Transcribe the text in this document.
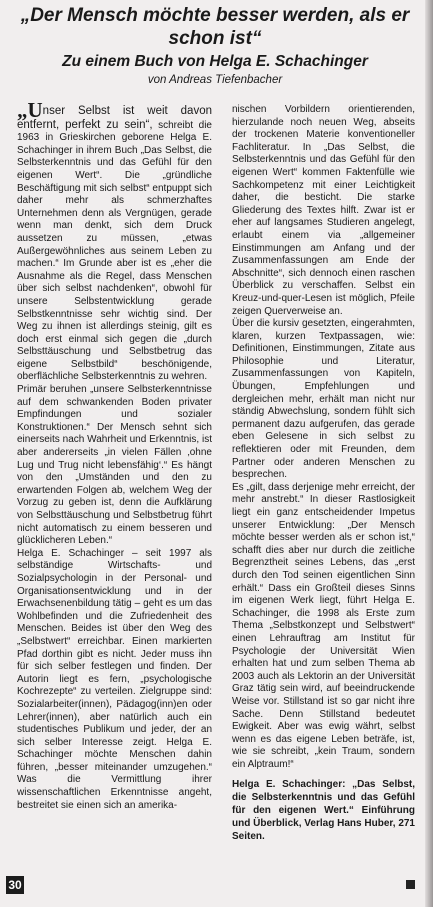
„Der Mensch möchte besser werden, als er schon ist“
Zu einem Buch von Helga E. Schachinger
von Andreas Tiefenbacher

„Unser Selbst ist weit davon entfernt, perfekt zu sein“, schreibt die 1963 in Grieskirchen geborene Helga E. Schachinger in ihrem Buch „Das Selbst, die Selbsterkenntnis und das Gefühl für den eigenen Wert“. Die „gründliche Beschäftigung mit sich selbst“ entpuppt sich daher mehr als schmerzhaftes Unternehmen denn als Vergnügen, gerade wenn man denkt, sich dem Druck aussetzen zu müssen, „etwas Außergewöhnliches aus seinem Leben zu machen.“ Im Grunde aber ist es „eher die Ausnahme als die Regel, dass Menschen über sich selbst nachdenken“, obwohl für unsere Selbstentwicklung gerade Selbstkenntnisse sehr wichtig sind. Der Weg zu ihnen ist allerdings steinig, gilt es doch erst einmal sich gegen die „durch Selbsttäuschung und Selbstbetrug das eigene Selbstbild“ beschönigende, oberflächliche Selbsterkenntnis zu wehren.

Primär beruhen „unsere Selbsterkenntnisse auf dem schwankenden Boden privater Empfindungen und sozialer Konstruktionen.“ Der Mensch sehnt sich einerseits nach Wahrheit und Erkenntnis, ist aber andererseits „in vielen Fällen ‚ohne Lug und Trug nicht lebensfähig‘.“ Es hängt von den „Umständen und den zu erwartenden Folgen ab, welchem Weg der Vorzug zu geben ist, denn die Aufklärung von Selbsttäuschung und Selbstbetrug führt nicht automatisch zu einem besseren und glücklicheren Leben.“

Helga E. Schachinger – seit 1997 als selbständige Wirtschafts- und Sozialpsychologin in der Personal- und Organisationsentwicklung und in der Erwachsenenbildung tätig – geht es um das Wohlbefinden und die Zufriedenheit des Menschen. Beides ist über den Weg des „Selbstwert“ erreichbar. Einen markierten Pfad dorthin gibt es nicht. Jeder muss ihn für sich selber festlegen und finden. Der Autorin liegt es fern, „psychologische Kochrezepte“ zu verteilen. Zielgruppe sind: Sozialarbeiter(innen), Pädagog(inn)en oder Lehrer(innen), aber natürlich auch ein studentisches Publikum und jeder, der an sich selber Interesse zeigt. Helga E. Schachinger möchte Menschen dahin führen, „besser miteinander umzugehen.“ Was die Vermittlung ihrer wissenschaftlichen Erkenntnisse angeht, bestreitet sie einen sich an amerika-

nischen Vorbildern orientierenden, hierzulande noch neuen Weg, abseits der trockenen Materie konventioneller Fachliteratur. In „Das Selbst, die Selbsterkenntnis und das Gefühl für den eigenen Wert“ kommen Faktenfülle wie Sachkompetenz mit einer Leichtigkeit daher, die besticht. Die starke Gliederung des Textes hilft. Zwar ist er eher auf langsames Studieren angelegt, erlaubt einem via „allgemeiner Einstimmungen am Anfang und der Zusammenfassungen am Ende der Abschnitte“, sich dennoch einen raschen Überblick zu verschaffen. Selbst ein Kreuz-und-quer-Lesen ist möglich, Pfeile zeigen Querverweise an.

Über die kursiv gesetzten, eingerahmten, klaren, kurzen Textpassagen, wie: Definitionen, Einstimmungen, Zitate aus Philosophie und Literatur, Zusammenfassungen von Kapiteln, Übungen, Empfehlungen und dergleichen mehr, erhält man nicht nur ständig Abwechslung, sondern fühlt sich permanent dazu aufgerufen, das gerade eben Gelesene in sich selbst zu reflektieren oder mit Freunden, dem Partner oder anderen Menschen zu besprechen.

Es „gilt, dass derjenige mehr erreicht, der mehr anstrebt.“ In dieser Rastlosigkeit liegt ein ganz entscheidender Impetus unserer Entwicklung: „Der Mensch möchte besser werden als er schon ist,“ schafft dies aber nur durch die zeitliche Begrenztheit seines Lebens, das „erst durch den Tod seinen eigentlichen Sinn erhält.“ Dass ein Großteil dieses Sinns im eigenen Werk liegt, führt Helga E. Schachinger, die 1998 als Erste zum Thema „Selbstkonzept und Selbstwert“ einen Lehrauftrag am Institut für Psychologie der Universität Wien erhalten hat und zum selben Thema ab 2003 auch als Lektorin an der Universität Graz tätig sein wird, auf beeindruckende Weise vor. Stillstand ist so gar nicht ihre Sache. Denn Stillstand bedeutet Ewigkeit. Aber was ewig währt, selbst wenn es das eigene Leben beträfe, ist, wie sie schreibt, „kein Traum, sondern ein Alptraum!“

Helga E. Schachinger: „Das Selbst, die Selbsterkenntnis und das Gefühl für den eigenen Wert.“ Einführung und Überblick, Verlag Hans Huber, 271 Seiten.

30
